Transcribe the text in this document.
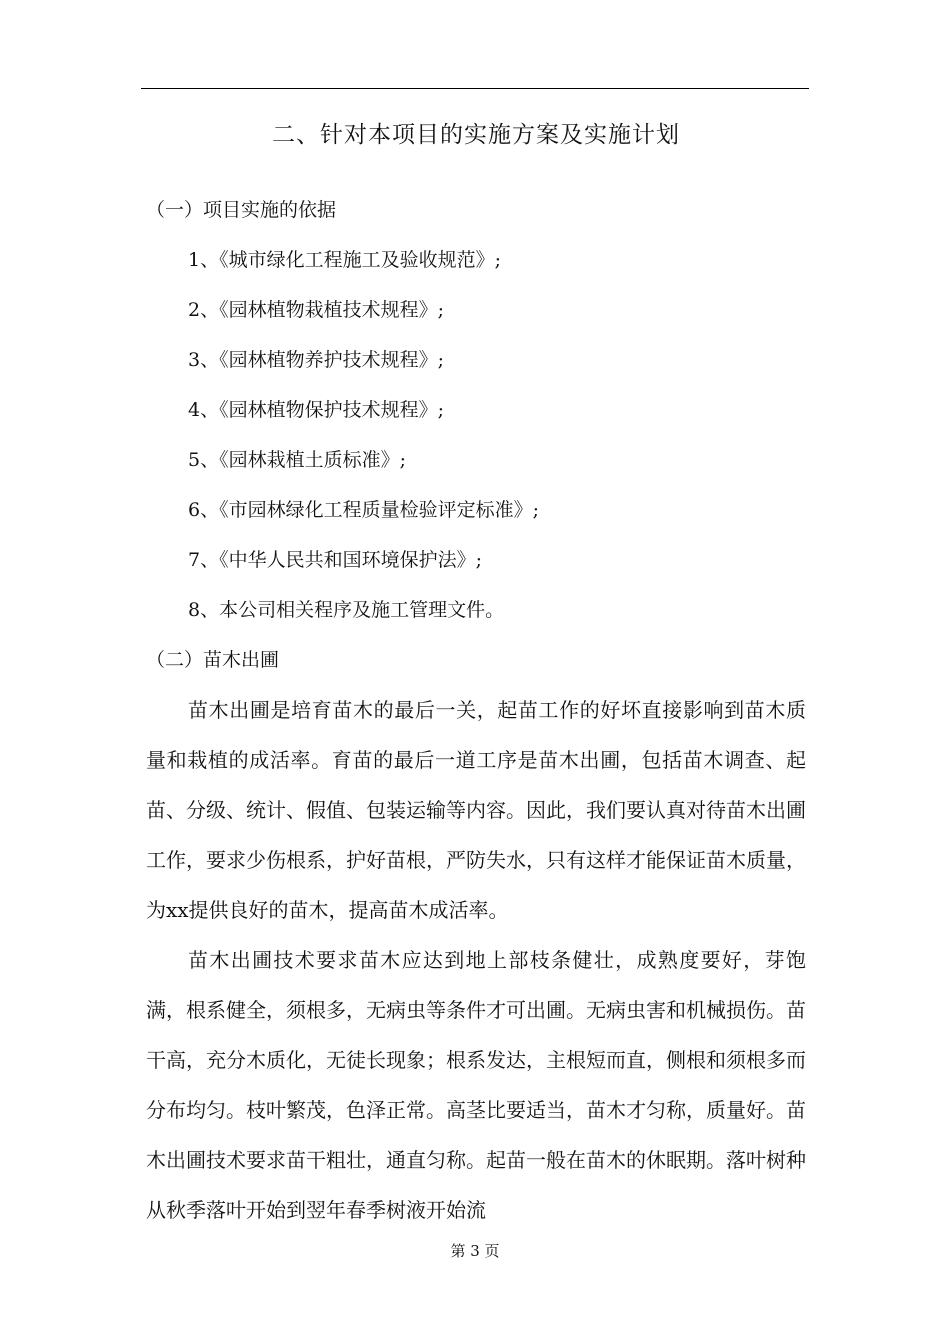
二、针对本项目的实施方案及实施计划
（一）项目实施的依据
1、《城市绿化工程施工及验收规范》;
2、《园林植物栽植技术规程》;
3、《园林植物养护技术规程》;
4、《园林植物保护技术规程》;
5、《园林栽植土质标准》;
6、《市园林绿化工程质量检验评定标准》;
7、《中华人民共和国环境保护法》;
8、本公司相关程序及施工管理文件。
（二）苗木出圃

苗木出圃是培育苗木的最后一关，起苗工作的好坏直接影响到苗木质量和栽植的成活率。育苗的最后一道工序是苗木出圃，包括苗木调查、起苗、分级、统计、假值、包装运输等内容。因此，我们要认真对待苗木出圃工作，要求少伤根系，护好苗根，严防失水，只有这样才能保证苗木质量，为xx提供良好的苗木，提高苗木成活率。

苗木出圃技术要求苗木应达到地上部枝条健壮，成熟度要好，芽饱满，根系健全，须根多，无病虫等条件才可出圃。无病虫害和机械损伤。苗干高，充分木质化，无徒长现象；根系发达，主根短而直，侧根和须根多而分布均匀。枝叶繁茂，色泽正常。高茎比要适当，苗木才匀称，质量好。苗木出圃技术要求苗干粗壮，通直匀称。起苗一般在苗木的休眠期。落叶树种从秋季落叶开始到翌年春季树液开始流

第 3 页
